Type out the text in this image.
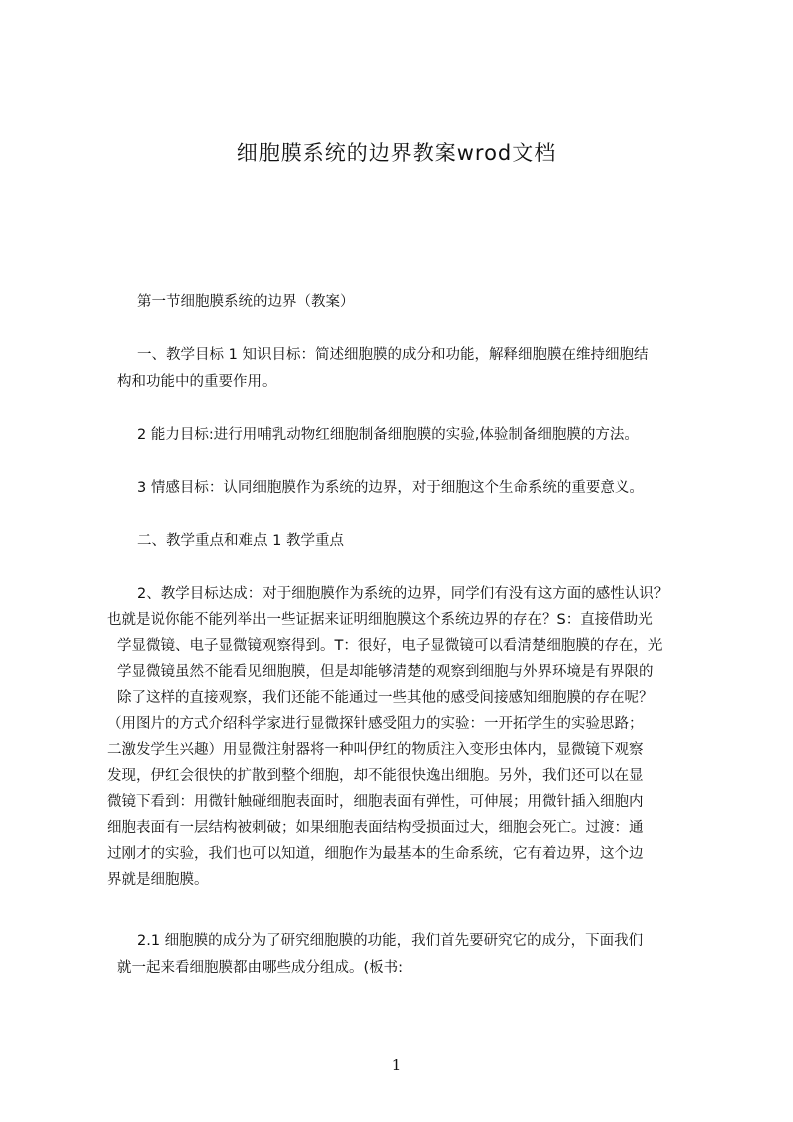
细胞膜系统的边界教案wrod文档
第一节细胞膜系统的边界（教案）
一、教学目标 1 知识目标：简述细胞膜的成分和功能，解释细胞膜在维持细胞结
构和功能中的重要作用。
2 能力目标:进行用哺乳动物红细胞制备细胞膜的实验,体验制备细胞膜的方法。
3 情感目标：认同细胞膜作为系统的边界，对于细胞这个生命系统的重要意义。
二、教学重点和难点 1 教学重点
2、教学目标达成：对于细胞膜作为系统的边界，同学们有没有这方面的感性认识？
也就是说你能不能列举出一些证据来证明细胞膜这个系统边界的存在？S：直接借助光
学显微镜、电子显微镜观察得到。T：很好，电子显微镜可以看清楚细胞膜的存在，光
学显微镜虽然不能看见细胞膜，但是却能够清楚的观察到细胞与外界环境是有界限的
除了这样的直接观察，我们还能不能通过一些其他的感受间接感知细胞膜的存在呢？
（用图片的方式介绍科学家进行显微探针感受阻力的实验：一开拓学生的实验思路；
二激发学生兴趣）用显微注射器将一种叫伊红的物质注入变形虫体内，显微镜下观察
发现，伊红会很快的扩散到整个细胞，却不能很快逸出细胞。另外，我们还可以在显
微镜下看到：用微针触碰细胞表面时，细胞表面有弹性，可伸展；用微针插入细胞内
细胞表面有一层结构被刺破；如果细胞表面结构受损面过大，细胞会死亡。过渡：通
过刚才的实验，我们也可以知道，细胞作为最基本的生命系统，它有着边界，这个边
界就是细胞膜。
2.1 细胞膜的成分为了研究细胞膜的功能，我们首先要研究它的成分，下面我们
就一起来看细胞膜都由哪些成分组成。(板书:
1
